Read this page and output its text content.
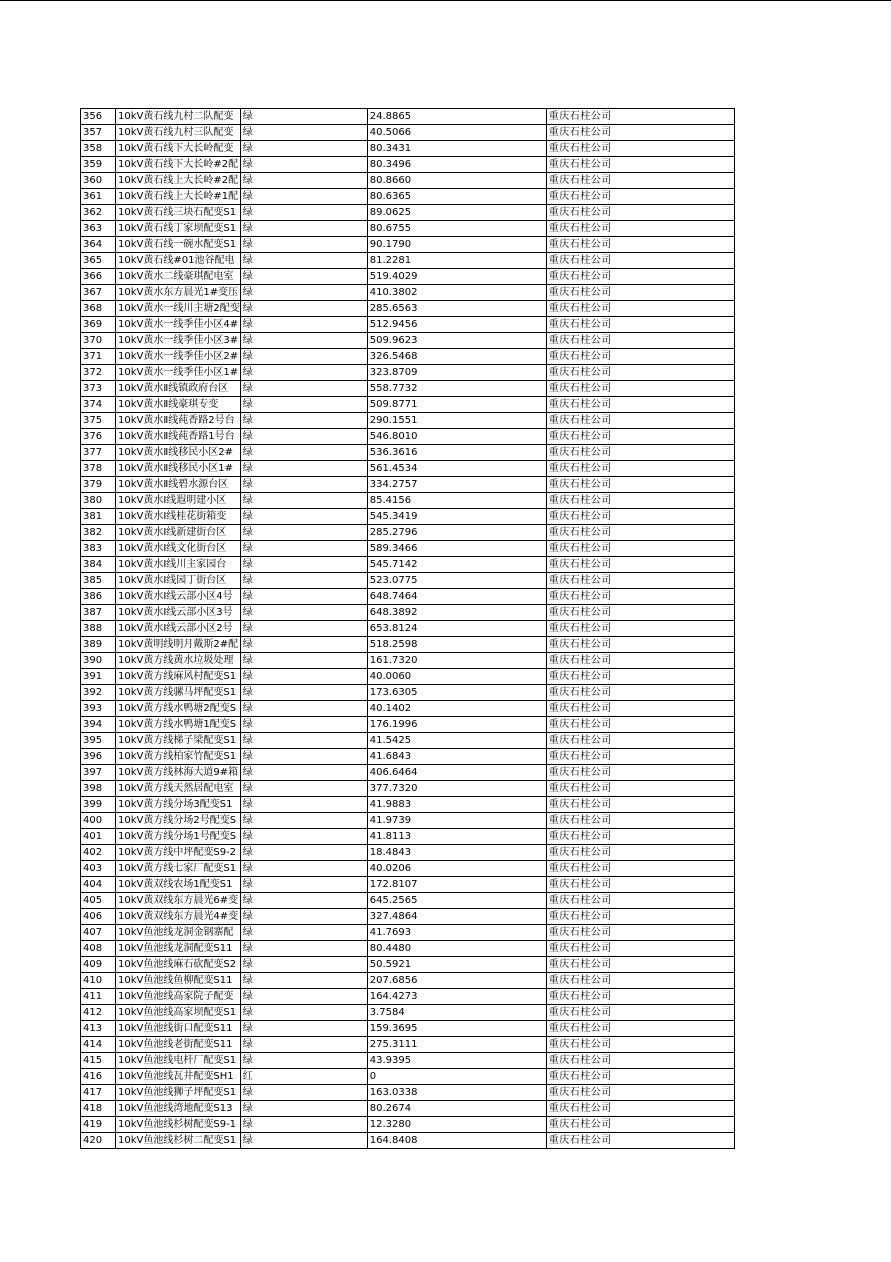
356	10kV黄石线九村二队配变	绿	24.8865	重庆石柱公司
357	10kV黄石线九村三队配变	绿	40.5066	重庆石柱公司
358	10kV黄石线下大长岭配变	绿	80.3431	重庆石柱公司
359	10kV黄石线下大长岭#2配	绿	80.3496	重庆石柱公司
360	10kV黄石线上大长岭#2配	绿	80.8660	重庆石柱公司
361	10kV黄石线上大长岭#1配	绿	80.6365	重庆石柱公司
362	10kV黄石线三块石配变S1	绿	89.0625	重庆石柱公司
363	10kV黄石线丁家坝配变S1	绿	80.6755	重庆石柱公司
364	10kV黄石线一碗水配变S1	绿	90.1790	重庆石柱公司
365	10kV黄石线#01池谷配电	绿	81.2281	重庆石柱公司
366	10kV黄水二线豪琪配电室	绿	519.4029	重庆石柱公司
367	10kV黄水东方晨光1#变压	绿	410.3802	重庆石柱公司
368	10kV黄水一线川主塘2配变	绿	285.6563	重庆石柱公司
369	10kV黄水一线季佳小区4#	绿	512.9456	重庆石柱公司
370	10kV黄水一线季佳小区3#	绿	509.9623	重庆石柱公司
371	10kV黄水一线季佳小区2#	绿	326.5468	重庆石柱公司
372	10kV黄水一线季佳小区1#	绿	323.8709	重庆石柱公司
373	10kV黄水Ⅱ线镇政府台区	绿	558.7732	重庆石柱公司
374	10kV黄水Ⅱ线豪琪专变	绿	509.8771	重庆石柱公司
375	10kV黄水Ⅱ线莼香路2号台	绿	290.1551	重庆石柱公司
376	10kV黄水Ⅱ线莼香路1号台	绿	546.8010	重庆石柱公司
377	10kV黄水Ⅱ线移民小区2#	绿	536.3616	重庆石柱公司
378	10kV黄水Ⅱ线移民小区1#	绿	561.4534	重庆石柱公司
379	10kV黄水Ⅱ线碧水源台区	绿	334.2757	重庆石柱公司
380	10kV黄水Ⅰ线遐明建小区	绿	85.4156	重庆石柱公司
381	10kV黄水Ⅰ线桂花街箱变	绿	545.3419	重庆石柱公司
382	10kV黄水Ⅰ线新建街台区	绿	285.2796	重庆石柱公司
383	10kV黄水Ⅰ线文化街台区	绿	589.3466	重庆石柱公司
384	10kV黄水Ⅰ线川主家园台	绿	545.7142	重庆石柱公司
385	10kV黄水Ⅰ线园丁街台区	绿	523.0775	重庆石柱公司
386	10kV黄水I线云部小区4号	绿	648.7464	重庆石柱公司
387	10kV黄水I线云部小区3号	绿	648.3892	重庆石柱公司
388	10kV黄水I线云部小区2号	绿	653.8124	重庆石柱公司
389	10kV黄明线明月戴斯2#配	绿	518.2598	重庆石柱公司
390	10kV黄方线黄水垃圾处理	绿	161.7320	重庆石柱公司
391	10kV黄方线麻风村配变S1	绿	40.0060	重庆石柱公司
392	10kV黄方线骡马坪配变S1	绿	173.6305	重庆石柱公司
393	10kV黄方线水鸭塘2配变S	绿	40.1402	重庆石柱公司
394	10kV黄方线水鸭塘1配变S	绿	176.1996	重庆石柱公司
395	10kV黄方线梯子梁配变S1	绿	41.5425	重庆石柱公司
396	10kV黄方线柏家竹配变S1	绿	41.6843	重庆石柱公司
397	10kV黄方线林海大道9#箱	绿	406.6464	重庆石柱公司
398	10kV黄方线天然居配电室	绿	377.7320	重庆石柱公司
399	10kV黄方线分场3配变S1	绿	41.9883	重庆石柱公司
400	10kV黄方线分场2号配变S	绿	41.9739	重庆石柱公司
401	10kV黄方线分场1号配变S	绿	41.8113	重庆石柱公司
402	10kV黄方线中坪配变S9-2	绿	18.4843	重庆石柱公司
403	10kV黄方线七家厂配变S1	绿	40.0206	重庆石柱公司
404	10kV黄双线农场1配变S1	绿	172.8107	重庆石柱公司
405	10kV黄双线东方晨光6#变	绿	645.2565	重庆石柱公司
406	10kV黄双线东方晨光4#变	绿	327.4864	重庆石柱公司
407	10kV鱼池线龙洞金钢寨配	绿	41.7693	重庆石柱公司
408	10kV鱼池线龙洞配变S11	绿	80.4480	重庆石柱公司
409	10kV鱼池线麻石砍配变S2	绿	50.5921	重庆石柱公司
410	10kV鱼池线鱼柳配变S11	绿	207.6856	重庆石柱公司
411	10kV鱼池线高家院子配变	绿	164.4273	重庆石柱公司
412	10kV鱼池线高家坝配变S1	绿	3.7584	重庆石柱公司
413	10kV鱼池线街口配变S11	绿	159.3695	重庆石柱公司
414	10kV鱼池线老街配变S11	绿	275.3111	重庆石柱公司
415	10kV鱼池线电杆厂配变S1	绿	43.9395	重庆石柱公司
416	10kV鱼池线瓦井配变SH1	红	0	重庆石柱公司
417	10kV鱼池线狮子坪配变S1	绿	163.0338	重庆石柱公司
418	10kV鱼池线湾地配变S13	绿	80.2674	重庆石柱公司
419	10kV鱼池线杉树配变S9-1	绿	12.3280	重庆石柱公司
420	10kV鱼池线杉树二配变S1	绿	164.8408	重庆石柱公司
